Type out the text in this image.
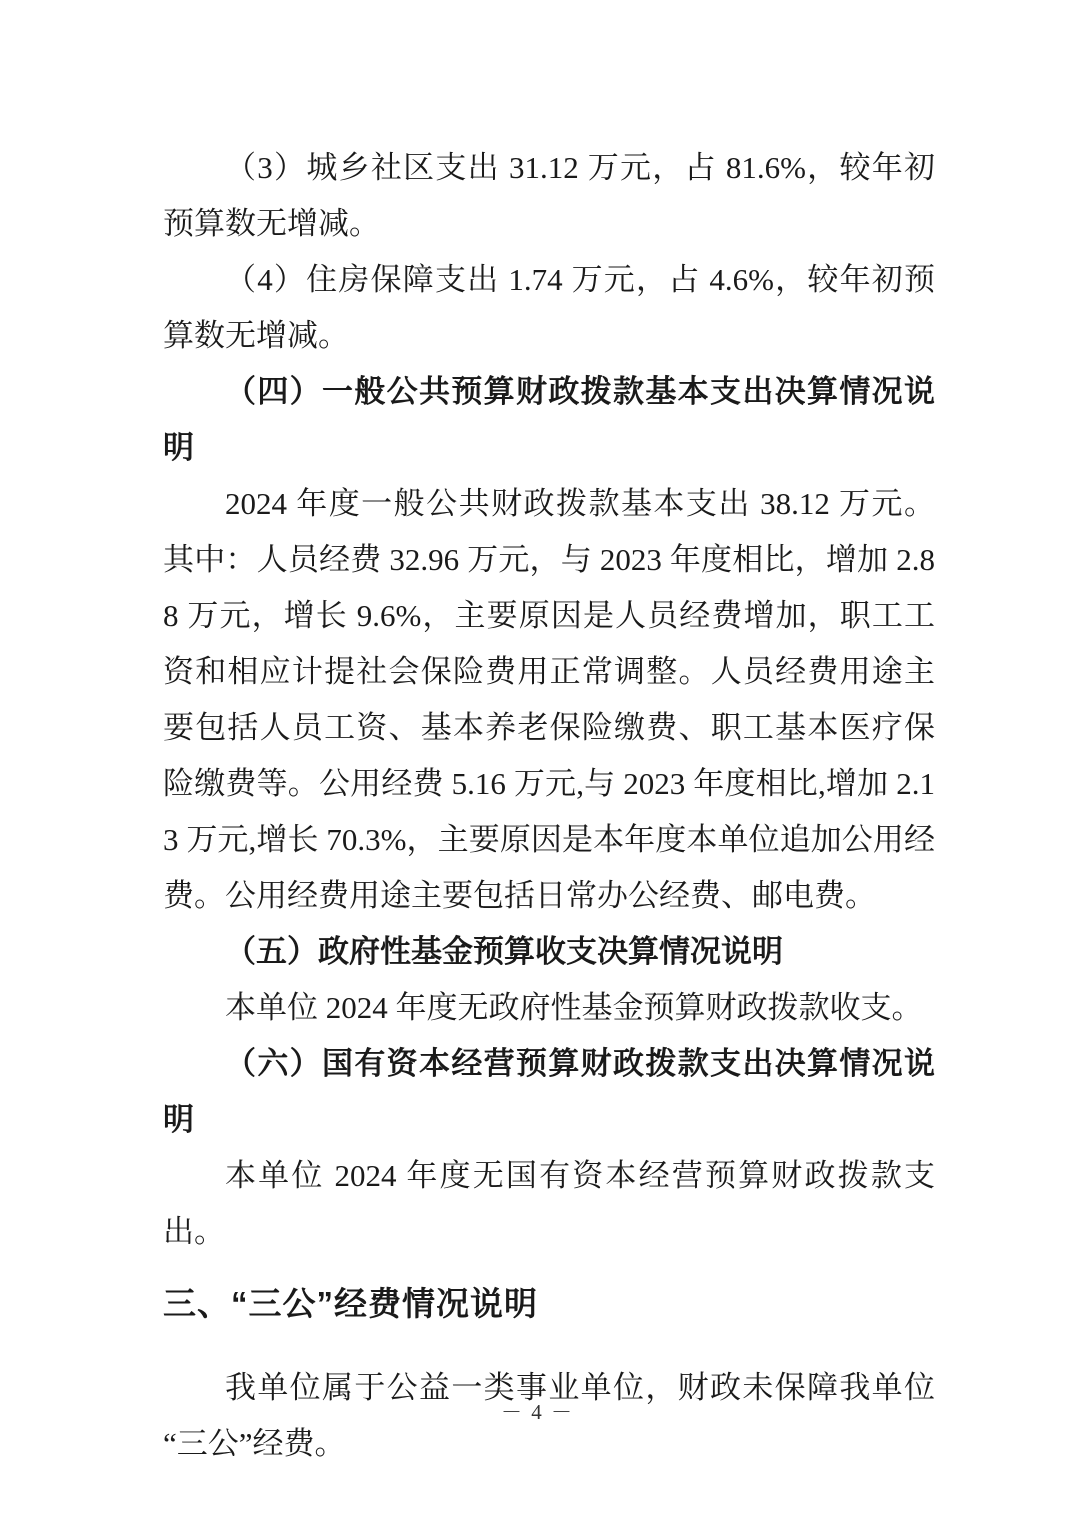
（3）城乡社区支出 31.12 万元，占 81.6%，较年初预算数无增减。

（4）住房保障支出 1.74 万元，占 4.6%，较年初预算数无增减。

（四）一般公共预算财政拨款基本支出决算情况说明

2024 年度一般公共财政拨款基本支出 38.12 万元。其中：人员经费 32.96 万元，与 2023 年度相比，增加 2.88 万元，增长 9.6%，主要原因是人员经费增加，职工工资和相应计提社会保险费用正常调整。人员经费用途主要包括人员工资、基本养老保险缴费、职工基本医疗保险缴费等。公用经费 5.16 万元,与 2023 年度相比,增加 2.13 万元,增长 70.3%，主要原因是本年度本单位追加公用经费。公用经费用途主要包括日常办公经费、邮电费。

（五）政府性基金预算收支决算情况说明

本单位 2024 年度无政府性基金预算财政拨款收支。

（六）国有资本经营预算财政拨款支出决算情况说明

本单位 2024 年度无国有资本经营预算财政拨款支出。

三、“三公”经费情况说明

我单位属于公益一类事业单位，财政未保障我单位“三公”经费。

－ 4 －
